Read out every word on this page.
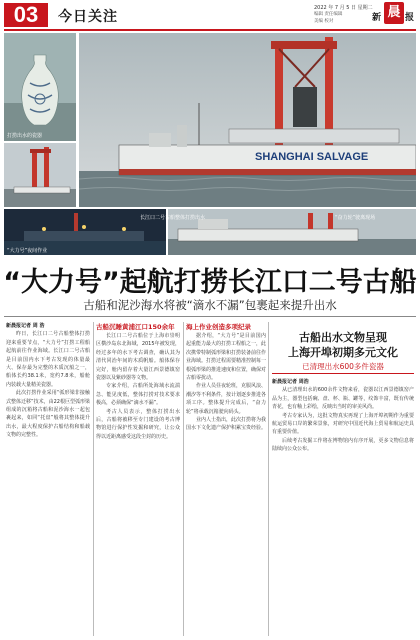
03	今日关注
2022 年 7 月 5 日 星期二
编辑 责任编辑
美编 校对	新 晨 报
打捞出水的瓷器
SHANGHAI SALVAGE
“大力号”夜间作业
长江口二号古船整体打捞出水	“奋力轮”驶离现场
“大力号”起航打捞长江口二号古船
古船和泥沙海水将被“滴水不漏”包裹起来提升出水

新晨报记者 周 浩

昨日，长江口二号古船整体打捞迎来重要节点，“大力号”打捞工程船起航前往作业海域。长江口二号古船是目前国内水下考古发现的体量最大、保存最为完整的木质沉船之一，船体长约38.1米，宽约7.8米，船舱内装载大量精美瓷器。

此次打捞作业采用“弧形梁非接触式整体迁移”技术，由22根巨型弧形梁组成的沉箱将古船和泥沙海水一起包裹起来，如同“托盘”般将其整体提升出水，最大程度保护古船结构和船载文物的完整性。

古船沉睡黄浦江口150余年

长江口二号古船位于上海市崇明区横沙岛东北海域，2015年被发现，经过多年的水下考古调查，确认其为清代同治年间的木质帆船。船体保存完好，舱内留存着大量江西景德镇窑瓷器以及紫砂器等文物。

专家介绍，古船所处海域水流湍急、能见度低，整体打捞对技术要求极高，必须确保“滴水不漏”。

考古人员表示，整体打捞出水后，古船将被移至专门建设的考古博物馆进行保护性发掘和研究，让公众得以近距离感受这段尘封的历史。

海上作业创造多项纪录

据介绍，“大力号”是目前国内起重能力最大的打捞工程船之一，此次携带特制弧形梁和打捞装备前往作业海域。打捞过程需要精准控制每一根弧形梁的推进速度和位置，确保对古船零扰动。

作业人员昼夜轮班，克服风浪、潮汐等不利条件，按计划逐步推进各项工序。整体提升完成后，“奋力轮”将承载沉箱驶向码头。

业内人士指出，此次打捞将为我国水下文化遗产保护积累宝贵经验。

古船出水文物呈现
上海开埠初期多元文化
已清理出水600多件瓷器

新晨报记者 周浩

从已清理出水的600余件文物来看，瓷器以江西景德镇窑产品为主，器型包括碗、盘、杯、瓶、罐等，纹饰丰富，既有传统青花，也有釉上彩绘，反映出当时的审美风尚。

考古专家认为，这批文物真实再现了上海开埠初期作为重要航运贸易口岸的繁荣景象，对研究中国近代海上贸易和航运史具有重要价值。

后续考古发掘工作将在博物馆内有序开展，更多文物信息将陆续向公众公布。
